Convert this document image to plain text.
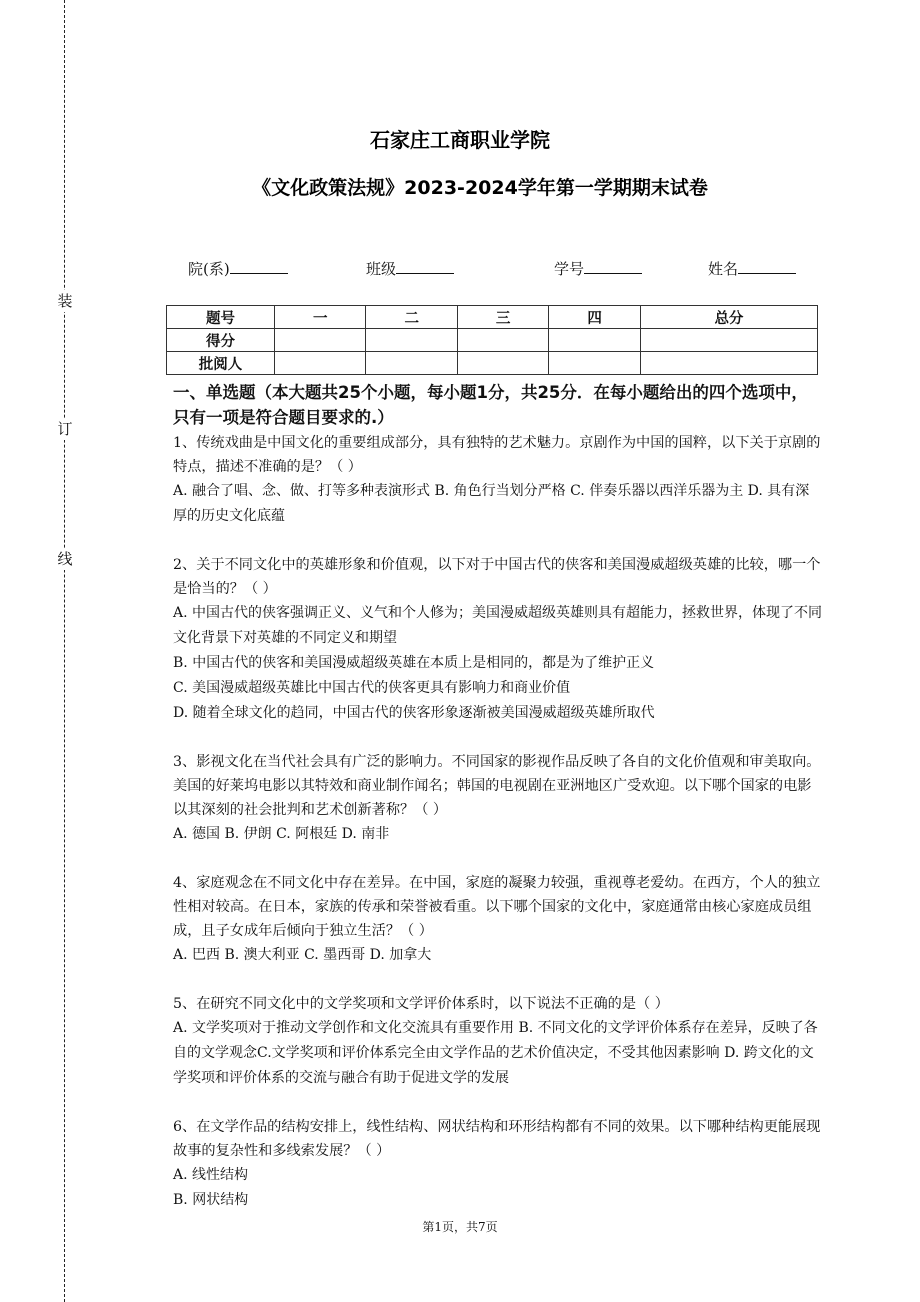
装
订
线
石家庄工商职业学院
《文化政策法规》2023-2024学年第一学期期末试卷
院(系)	班级	学号	姓名
题号	一	二	三	四	总分
得分					
批阅人					
一、单选题（本大题共25个小题，每小题1分，共25分．在每小题给出的四个选项中，只有一项是符合题目要求的.）

1、传统戏曲是中国文化的重要组成部分，具有独特的艺术魅力。京剧作为中国的国粹，以下关于京剧的特点，描述不准确的是？（ ）

A. 融合了唱、念、做、打等多种表演形式 B. 角色行当划分严格 C. 伴奏乐器以西洋乐器为主 D. 具有深厚的历史文化底蕴

2、关于不同文化中的英雄形象和价值观，以下对于中国古代的侠客和美国漫威超级英雄的比较，哪一个是恰当的？（ ）

A. 中国古代的侠客强调正义、义气和个人修为；美国漫威超级英雄则具有超能力，拯救世界，体现了不同文化背景下对英雄的不同定义和期望

B. 中国古代的侠客和美国漫威超级英雄在本质上是相同的，都是为了维护正义

C. 美国漫威超级英雄比中国古代的侠客更具有影响力和商业价值

D. 随着全球文化的趋同，中国古代的侠客形象逐渐被美国漫威超级英雄所取代

3、影视文化在当代社会具有广泛的影响力。不同国家的影视作品反映了各自的文化价值观和审美取向。美国的好莱坞电影以其特效和商业制作闻名；韩国的电视剧在亚洲地区广受欢迎。以下哪个国家的电影以其深刻的社会批判和艺术创新著称？（ ）

A. 德国 B. 伊朗 C. 阿根廷 D. 南非

4、家庭观念在不同文化中存在差异。在中国，家庭的凝聚力较强，重视尊老爱幼。在西方，个人的独立性相对较高。在日本，家族的传承和荣誉被看重。以下哪个国家的文化中，家庭通常由核心家庭成员组成，且子女成年后倾向于独立生活？（ ）

A. 巴西 B. 澳大利亚 C. 墨西哥 D. 加拿大

5、在研究不同文化中的文学奖项和文学评价体系时，以下说法不正确的是（ ）

A. 文学奖项对于推动文学创作和文化交流具有重要作用 B. 不同文化的文学评价体系存在差异，反映了各自的文学观念C.文学奖项和评价体系完全由文学作品的艺术价值决定，不受其他因素影响 D. 跨文化的文学奖项和评价体系的交流与融合有助于促进文学的发展

6、在文学作品的结构安排上，线性结构、网状结构和环形结构都有不同的效果。以下哪种结构更能展现故事的复杂性和多线索发展？（ ）

A. 线性结构

B. 网状结构

第1页，共7页
